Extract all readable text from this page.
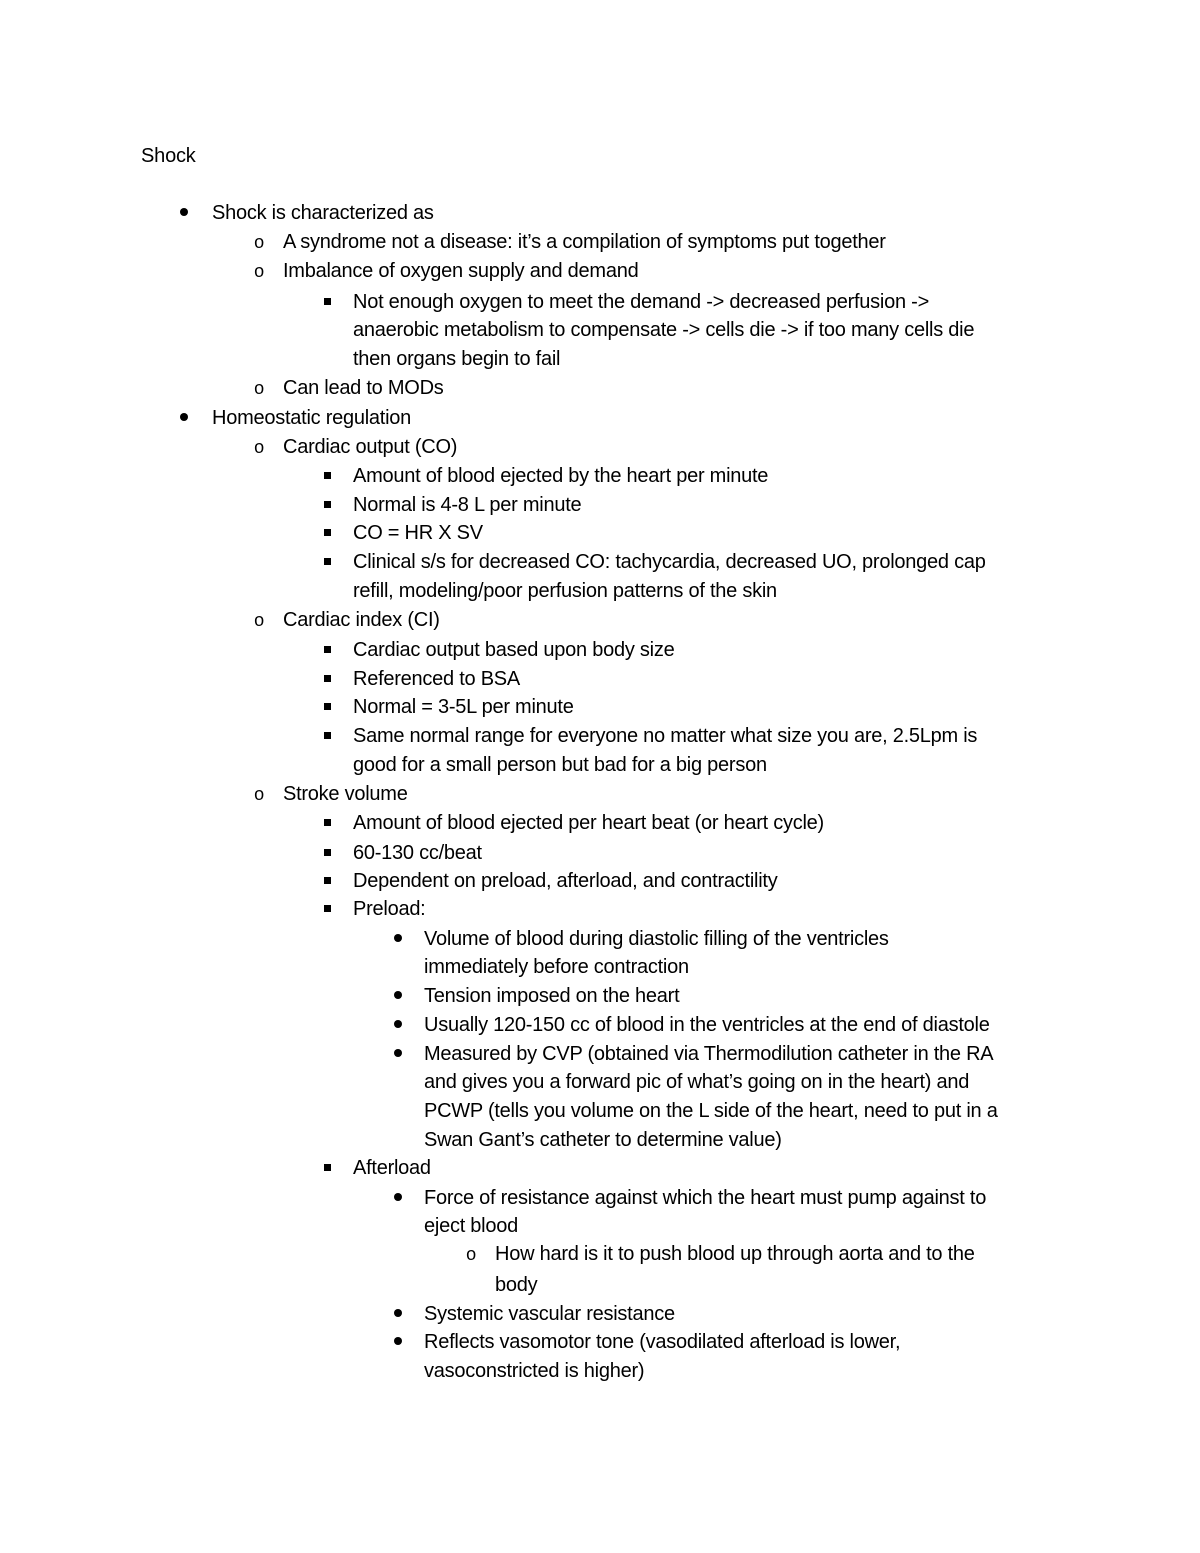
Shock
Shock is characterized as
o A syndrome not a disease: it’s a compilation of symptoms put together
o Imbalance of oxygen supply and demand
Not enough oxygen to meet the demand -> decreased perfusion ->
anaerobic metabolism to compensate -> cells die -> if too many cells die
then organs begin to fail
o Can lead to MODs
Homeostatic regulation
o Cardiac output (CO)
Amount of blood ejected by the heart per minute
Normal is 4-8 L per minute
CO = HR X SV
Clinical s/s for decreased CO: tachycardia, decreased UO, prolonged cap
refill, modeling/poor perfusion patterns of the skin
o Cardiac index (CI)
Cardiac output based upon body size
Referenced to BSA
Normal = 3-5L per minute
Same normal range for everyone no matter what size you are, 2.5Lpm is
good for a small person but bad for a big person
o Stroke volume
Amount of blood ejected per heart beat (or heart cycle)
60-130 cc/beat
Dependent on preload, afterload, and contractility
Preload:
Volume of blood during diastolic filling of the ventricles
immediately before contraction
Tension imposed on the heart
Usually 120-150 cc of blood in the ventricles at the end of diastole
Measured by CVP (obtained via Thermodilution catheter in the RA
and gives you a forward pic of what’s going on in the heart) and
PCWP (tells you volume on the L side of the heart, need to put in a
Swan Gant’s catheter to determine value)
Afterload
Force of resistance against which the heart must pump against to
eject blood
o How hard is it to push blood up through aorta and to the
body
Systemic vascular resistance
Reflects vasomotor tone (vasodilated afterload is lower,
vasoconstricted is higher)
